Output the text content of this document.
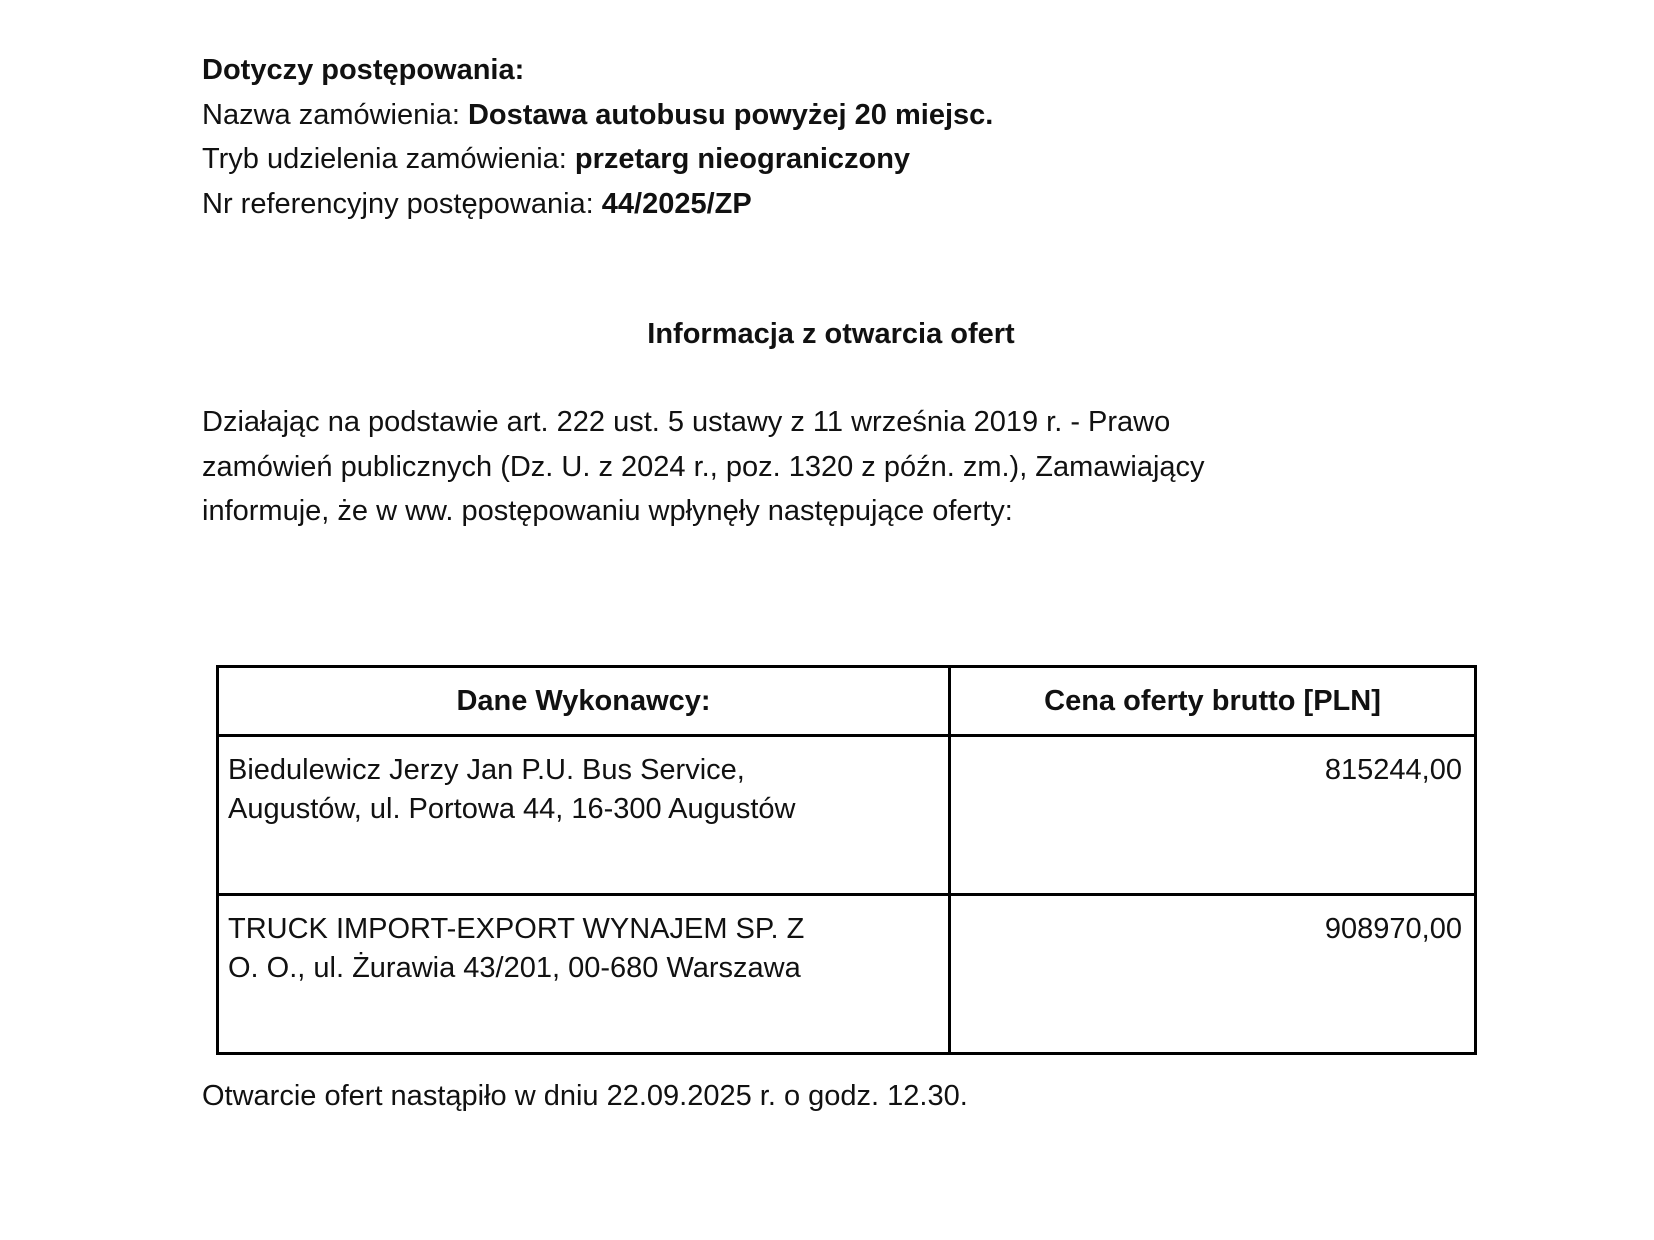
Dotyczy postępowania:
Nazwa zamówienia: Dostawa autobusu powyżej 20 miejsc.
Tryb udzielenia zamówienia: przetarg nieograniczony
Nr referencyjny postępowania: 44/2025/ZP
Informacja z otwarcia ofert
Działając na podstawie art. 222 ust. 5 ustawy z 11 września 2019 r. - Prawo
zamówień publicznych (Dz. U. z 2024 r., poz. 1320 z późn. zm.), Zamawiający
informuje, że w ww. postępowaniu wpłynęły następujące oferty:
Dane Wykonawcy:	Cena oferty brutto [PLN]

Biedulewicz Jerzy Jan P.U. Bus Service,
Augustów, ul. Portowa 44, 16-300 Augustów	815244,00

TRUCK IMPORT-EXPORT WYNAJEM SP. Z
O. O., ul. Żurawia 43/201, 00-680 Warszawa	908970,00
Otwarcie ofert nastąpiło w dniu 22.09.2025 r. o godz. 12.30.
